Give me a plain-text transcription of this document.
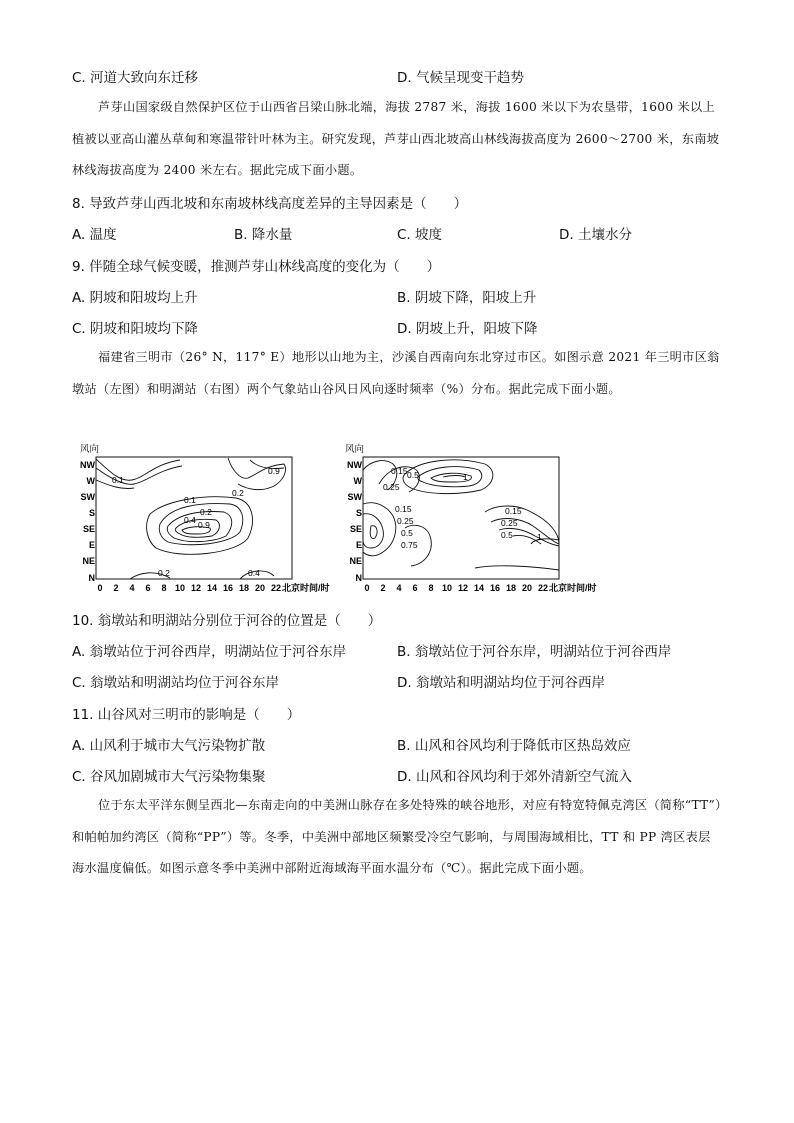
C. 河道大致向东迁移	D. 气候呈现变干趋势
芦芽山国家级自然保护区位于山西省吕梁山脉北端，海拔 2787 米，海拔 1600 米以下为农垦带，1600 米以上植被以亚高山灌丛草甸和寒温带针叶林为主。研究发现，芦芽山西北坡高山林线海拔高度为 2600～2700 米，东南坡林线海拔高度为 2400 米左右。据此完成下面小题。
8. 导致芦芽山西北坡和东南坡林线高度差异的主导因素是（　　）
A. 温度	B. 降水量	C. 坡度	D. 土壤水分
9. 伴随全球气候变暖，推测芦芽山林线高度的变化为（　　）
A. 阴坡和阳坡均上升	B. 阴坡下降，阳坡上升
C. 阴坡和阳坡均下降	D. 阴坡上升，阳坡下降
福建省三明市（26° N，117° E）地形以山地为主，沙溪自西南向东北穿过市区。如图示意 2021 年三明市区翁墩站（左图）和明湖站（右图）两个气象站山谷风日风向逐时频率（%）分布。据此完成下面小题。
风向
NW
W
SW
S
SE
E
NE
N
0 2 4 6 8 10 12 14 16 18 20 22 北京时间/时
0.9
0.2
0.1
0.1
0.2
0.4 0.9
0.2	0.4
风向
NW
W
SW
S
SE
E
NE
N
0 2 4 6 8 10 12 14 16 18 20 22 北京时间/时
0.15
0.25
0.5	1
0.15
0.25
0.5
0.75
0.15
0.25
0.5	1
10. 翁墩站和明湖站分别位于河谷的位置是（　　）
A. 翁墩站位于河谷西岸，明湖站位于河谷东岸	B. 翁墩站位于河谷东岸，明湖站位于河谷西岸
C. 翁墩站和明湖站均位于河谷东岸	D. 翁墩站和明湖站均位于河谷西岸
11. 山谷风对三明市的影响是（　　）
A. 山风利于城市大气污染物扩散	B. 山风和谷风均利于降低市区热岛效应
C. 谷风加剧城市大气污染物集聚	D. 山风和谷风均利于郊外清新空气流入
位于东太平洋东侧呈西北—东南走向的中美洲山脉存在多处特殊的峡谷地形，对应有特宽特佩克湾区（简称“TT”）和帕帕加约湾区（简称“PP”）等。冬季，中美洲中部地区频繁受冷空气影响，与周围海域相比，TT 和 PP 湾区表层海水温度偏低。如图示意冬季中美洲中部附近海域海平面水温分布（℃）。据此完成下面小题。
